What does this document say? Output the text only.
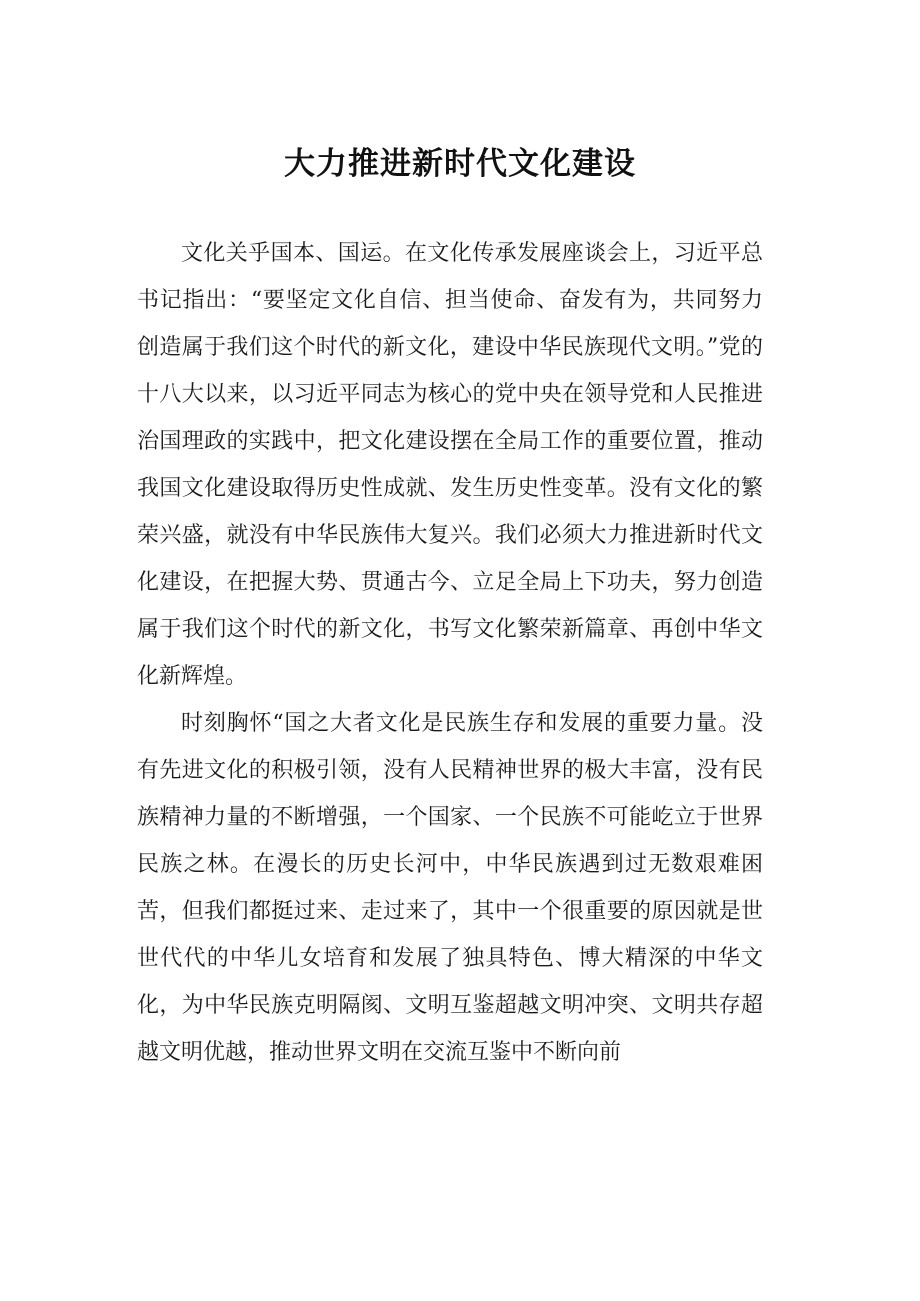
大力推进新时代文化建设

文化关乎国本、国运。在文化传承发展座谈会上，习近平总书记指出：“要坚定文化自信、担当使命、奋发有为，共同努力创造属于我们这个时代的新文化，建设中华民族现代文明。”党的十八大以来，以习近平同志为核心的党中央在领导党和人民推进治国理政的实践中，把文化建设摆在全局工作的重要位置，推动我国文化建设取得历史性成就、发生历史性变革。没有文化的繁荣兴盛，就没有中华民族伟大复兴。我们必须大力推进新时代文化建设，在把握大势、贯通古今、立足全局上下功夫，努力创造属于我们这个时代的新文化，书写文化繁荣新篇章、再创中华文化新辉煌。

时刻胸怀“国之大者文化是民族生存和发展的重要力量。没有先进文化的积极引领，没有人民精神世界的极大丰富，没有民族精神力量的不断增强，一个国家、一个民族不可能屹立于世界民族之林。在漫长的历史长河中，中华民族遇到过无数艰难困苦，但我们都挺过来、走过来了，其中一个很重要的原因就是世世代代的中华儿女培育和发展了独具特色、博大精深的中华文化，为中华民族克明隔阂、文明互鉴超越文明冲突、文明共存超越文明优越，推动世界文明在交流互鉴中不断向前
